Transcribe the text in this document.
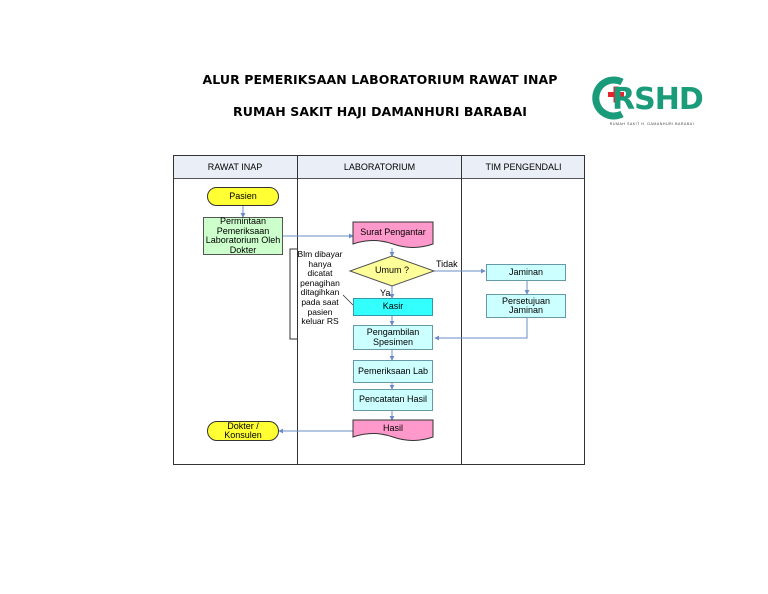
ALUR PEMERIKSAAN LABORATORIUM RAWAT INAP
RUMAH SAKIT HAJI DAMANHURI BARABAI	RSHD
RUMAH SAKIT H. DAMANHURI BARABAI
RAWAT INAP	LABORATORIUM	TIM PENGENDALI
Pasien
Permintaan Pemeriksaan Laboratorium Oleh Dokter
Surat Pengantar
Umum ?
Tidak
Ya
Kasir
Jaminan
Persetujuan Jaminan
Pengambilan Spesimen
Pemeriksaan Lab
Pencatatan Hasil
Hasil
Dokter / Konsulen
Blm dibayar hanya dicatat penagihan ditagihkan pada saat pasien keluar RS
